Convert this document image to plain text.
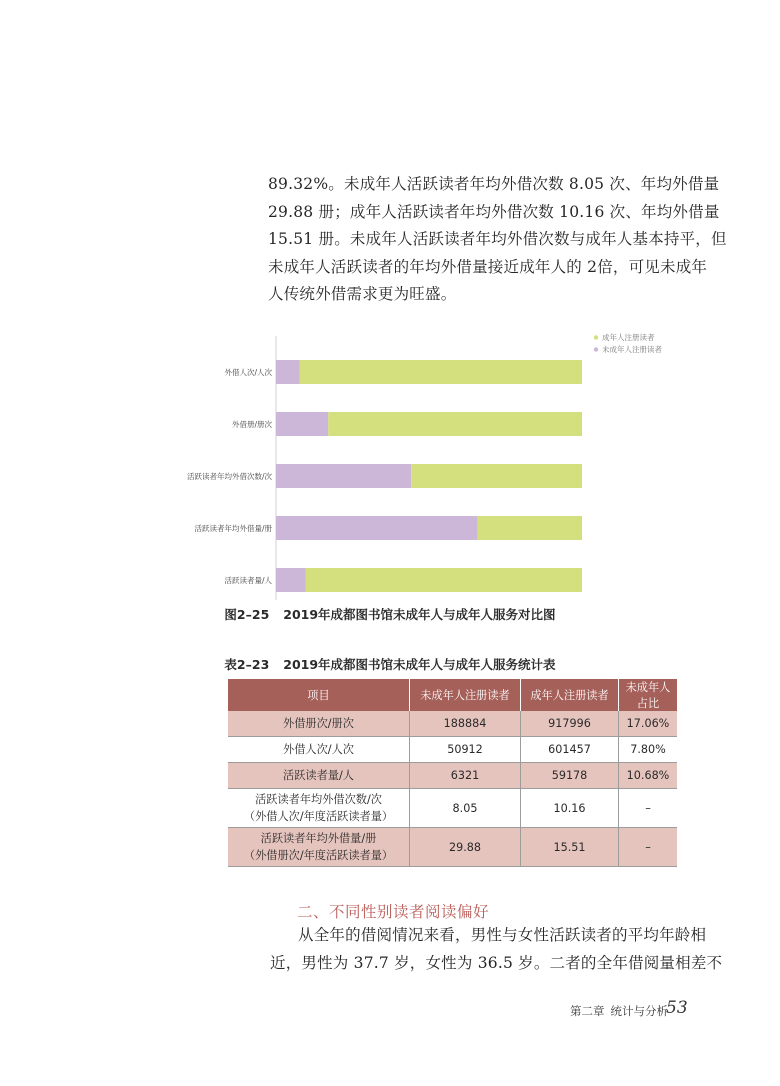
89.32%。未成年人活跃读者年均外借次数 8.05 次、年均外借量
29.88 册；成年人活跃读者年均外借次数 10.16 次、年均外借量
15.51 册。未成年人活跃读者年均外借次数与成年人基本持平，但
未成年人活跃读者的年均外借量接近成年人的 2倍，可见未成年
人传统外借需求更为旺盛。
外借人次/人次
外借册/册次
活跃读者年均外借次数/次
活跃读者年均外借量/册
活跃读者量/人
成年人注册读者
未成年人注册读者
图2–25 2019年成都图书馆未成年人与成年人服务对比图
表2–23 2019年成都图书馆未成年人与成年人服务统计表
项目	未成年人注册读者	成年人注册读者	未成年人占比

外借册次/册次	188884	917996	17.06%

外借人次/人次	50912	601457	7.80%

活跃读者量/人	6321	59178	10.68%

活跃读者年均外借次数/次
（外借人次/年度活跃读者量）	8.05	10.16	–

活跃读者年均外借量/册
（外借册次/年度活跃读者量）	29.88	15.51	–
二、不同性别读者阅读偏好
从全年的借阅情况来看，男性与女性活跃读者的平均年龄相
近，男性为 37.7 岁，女性为 36.5 岁。二者的全年借阅量相差不
第二章 统计与分析
53
